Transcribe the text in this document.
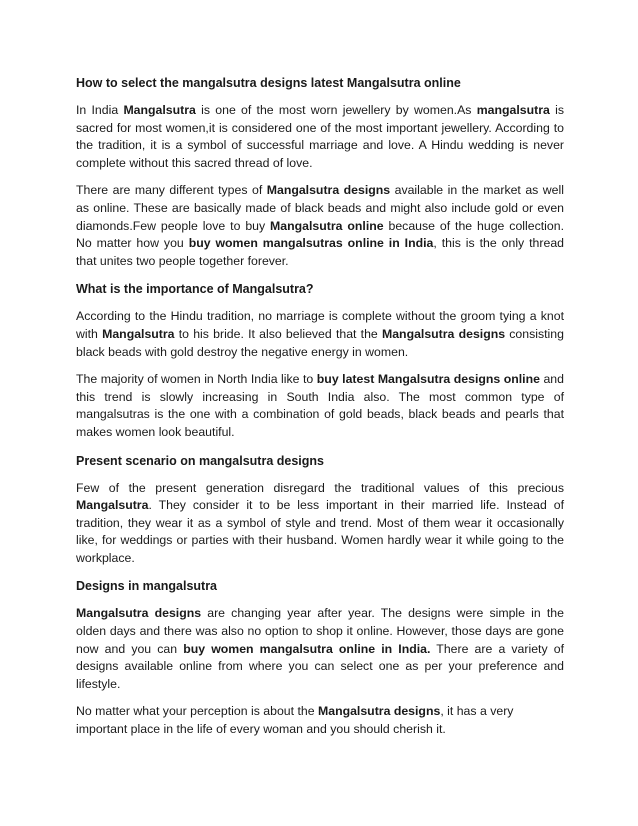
How to select the mangalsutra designs latest Mangalsutra online

In India Mangalsutra is one of the most worn jewellery by women.As mangalsutra is sacred for most women,it is considered one of the most important jewellery. According to the tradition, it is a symbol of successful marriage and love. A Hindu wedding is never complete without this sacred thread of love.

There are many different types of Mangalsutra designs available in the market as well as online. These are basically made of black beads and might also include gold or even diamonds.Few people love to buy Mangalsutra online because of the huge collection. No matter how you buy women mangalsutras online in India, this is the only thread that unites two people together forever.

What is the importance of Mangalsutra?

According to the Hindu tradition, no marriage is complete without the groom tying a knot with Mangalsutra to his bride. It also believed that the Mangalsutra designs consisting black beads with gold destroy the negative energy in women.

The majority of women in North India like to buy latest Mangalsutra designs online and this trend is slowly increasing in South India also. The most common type of mangalsutras is the one with a combination of gold beads, black beads and pearls that makes women look beautiful.

Present scenario on mangalsutra designs

Few of the present generation disregard the traditional values of this precious Mangalsutra. They consider it to be less important in their married life. Instead of tradition, they wear it as a symbol of style and trend. Most of them wear it occasionally like, for weddings or parties with their husband. Women hardly wear it while going to the workplace.

Designs in mangalsutra

Mangalsutra designs are changing year after year. The designs were simple in the olden days and there was also no option to shop it online. However, those days are gone now and you can buy women mangalsutra online in India. There are a variety of designs available online from where you can select one as per your preference and lifestyle.

No matter what your perception is about the Mangalsutra designs, it has a very important place in the life of every woman and you should cherish it.
